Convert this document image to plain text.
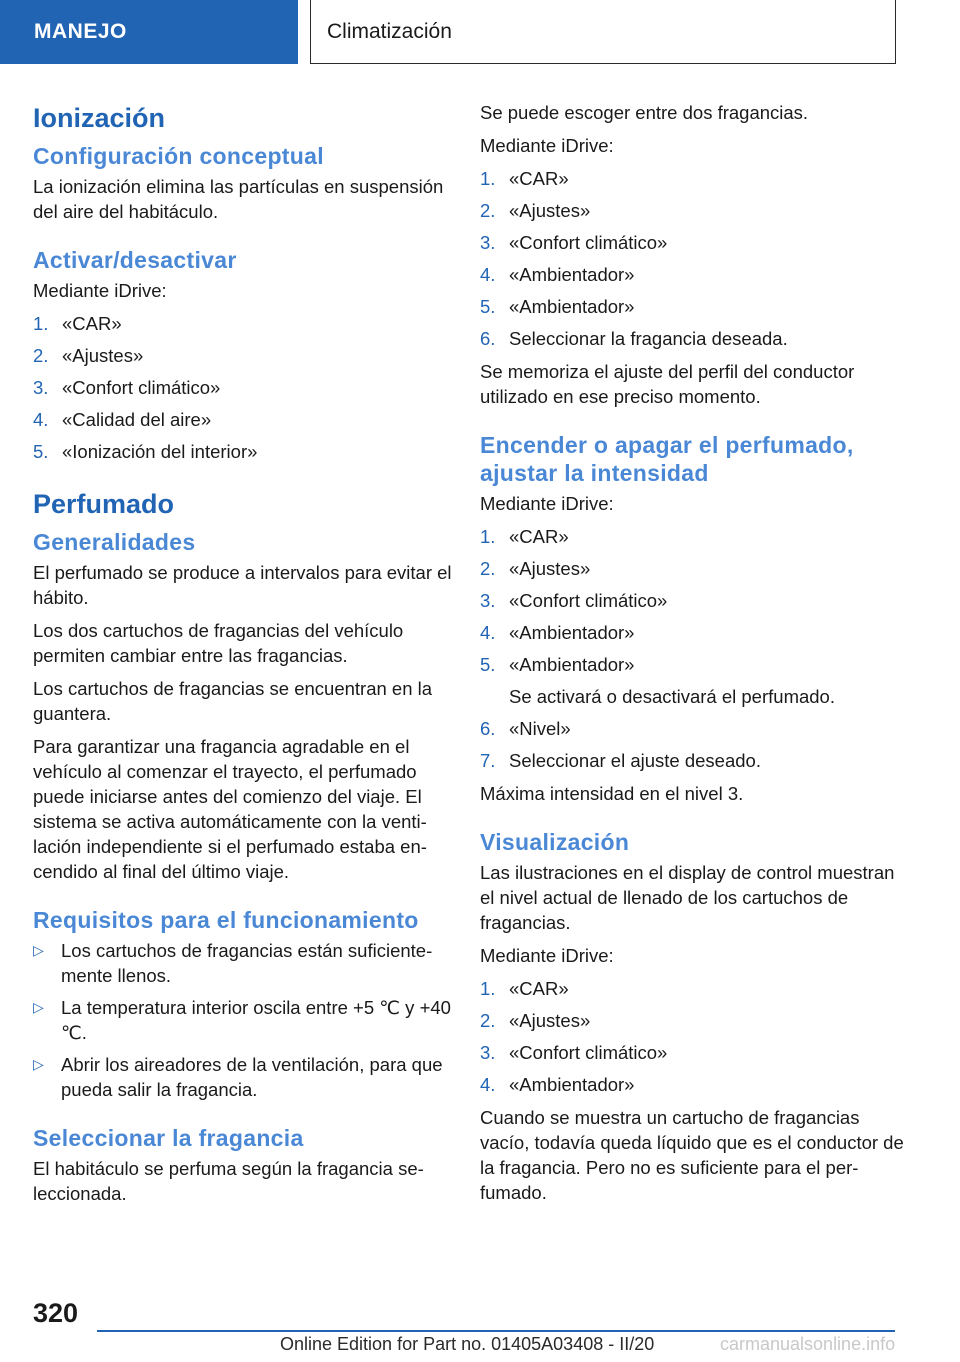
MANEJO	Climatización
Ionización
Configuración conceptual

La ionización elimina las partículas en suspensión del aire del habitáculo.

Activar/desactivar

Mediante iDrive:

1. «CAR»
2. «Ajustes»
3. «Confort climático»
4. «Calidad del aire»
5. «Ionización del interior»
Perfumado
Generalidades

El perfumado se produce a intervalos para evitar el hábito.

Los dos cartuchos de fragancias del vehículo permiten cambiar entre las fragancias.

Los cartuchos de fragancias se encuentran en la guantera.

Para garantizar una fragancia agradable en el vehículo al comenzar el trayecto, el perfumado puede iniciarse antes del comienzo del viaje. El sistema se activa automáticamente con la ventilación independiente si el perfumado estaba encendido al final del último viaje.

Requisitos para el funcionamiento
▷ Los cartuchos de fragancias están suficientemente llenos.
▷ La temperatura interior oscila entre +5 ℃ y +40 ℃.
▷ Abrir los aireadores de la ventilación, para que pueda salir la fragancia.
Seleccionar la fragancia

El habitáculo se perfuma según la fragancia seleccionada.

Se puede escoger entre dos fragancias.

Mediante iDrive:

1. «CAR»
2. «Ajustes»
3. «Confort climático»
4. «Ambientador»
5. «Ambientador»
6. Seleccionar la fragancia deseada.

Se memoriza el ajuste del perfil del conductor utilizado en ese preciso momento.

Encender o apagar el perfumado, ajustar la intensidad

Mediante iDrive:

1. «CAR»
2. «Ajustes»
3. «Confort climático»
4. «Ambientador»
5. «Ambientador»
Se activará o desactivará el perfumado.
6. «Nivel»
7. Seleccionar el ajuste deseado.

Máxima intensidad en el nivel 3.

Visualización

Las ilustraciones en el display de control muestran el nivel actual de llenado de los cartuchos de fragancias.

Mediante iDrive:

1. «CAR»
2. «Ajustes»
3. «Confort climático»
4. «Ambientador»

Cuando se muestra un cartucho de fragancias vacío, todavía queda líquido que es el conductor de la fragancia. Pero no es suficiente para el perfumado.

320
Online Edition for Part no. 01405A03408 - II/20	carmanualsonline.info
